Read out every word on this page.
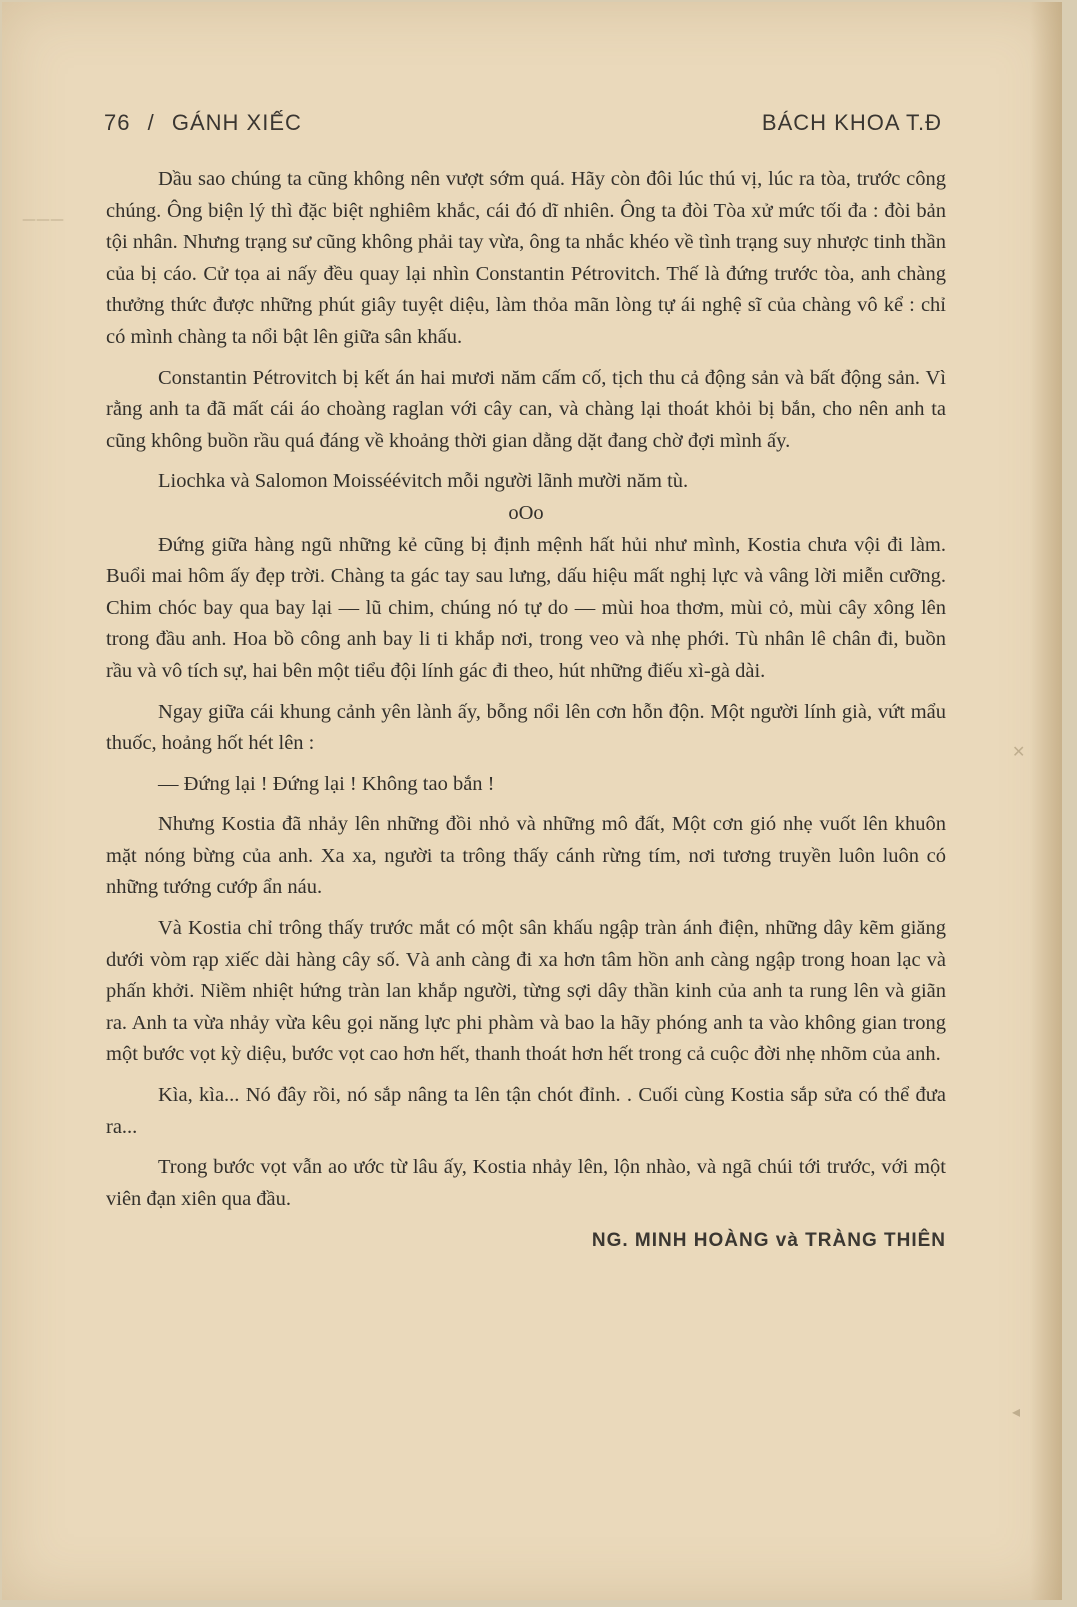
76 / GÁNH XIẾC	BÁCH KHOA T.Đ

Dầu sao chúng ta cũng không nên vượt sớm quá. Hãy còn đôi lúc thú vị, lúc ra tòa, trước công chúng. Ông biện lý thì đặc biệt nghiêm khắc, cái đó dĩ nhiên. Ông ta đòi Tòa xử mức tối đa : đòi bản tội nhân. Nhưng trạng sư cũng không phải tay vừa, ông ta nhắc khéo về tình trạng suy nhược tinh thần của bị cáo. Cử tọa ai nấy đều quay lại nhìn Constantin Pétrovitch. Thế là đứng trước tòa, anh chàng thưởng thức được những phút giây tuyệt diệu, làm thỏa mãn lòng tự ái nghệ sĩ của chàng vô kể : chỉ có mình chàng ta nổi bật lên giữa sân khấu.

Constantin Pétrovitch bị kết án hai mươi năm cấm cố, tịch thu cả động sản và bất động sản. Vì rằng anh ta đã mất cái áo choàng raglan với cây can, và chàng lại thoát khỏi bị bắn, cho nên anh ta cũng không buồn rầu quá đáng về khoảng thời gian dằng dặt đang chờ đợi mình ấy.

Liochka và Salomon Moisséévitch mỗi người lãnh mười năm tù.

oOo

Đứng giữa hàng ngũ những kẻ cũng bị định mệnh hất hủi như mình, Kostia chưa vội đi làm. Buổi mai hôm ấy đẹp trời. Chàng ta gác tay sau lưng, dấu hiệu mất nghị lực và vâng lời miễn cưỡng. Chim chóc bay qua bay lại — lũ chim, chúng nó tự do — mùi hoa thơm, mùi cỏ, mùi cây xông lên trong đầu anh. Hoa bồ công anh bay li ti khắp nơi, trong veo và nhẹ phới. Tù nhân lê chân đi, buồn rầu và vô tích sự, hai bên một tiểu đội lính gác đi theo, hút những điếu xì-gà dài.

Ngay giữa cái khung cảnh yên lành ấy, bỗng nổi lên cơn hỗn độn. Một người lính già, vứt mẩu thuốc, hoảng hốt hét lên :

— Đứng lại ! Đứng lại ! Không tao bắn !

Nhưng Kostia đã nhảy lên những đồi nhỏ và những mô đất, Một cơn gió nhẹ vuốt lên khuôn mặt nóng bừng của anh. Xa xa, người ta trông thấy cánh rừng tím, nơi tương truyền luôn luôn có những tướng cướp ẩn náu.

Và Kostia chỉ trông thấy trước mắt có một sân khấu ngập tràn ánh điện, những dây kẽm giăng dưới vòm rạp xiếc dài hàng cây số. Và anh càng đi xa hơn tâm hồn anh càng ngập trong hoan lạc và phấn khởi. Niềm nhiệt hứng tràn lan khắp người, từng sợi dây thần kinh của anh ta rung lên và giãn ra. Anh ta vừa nhảy vừa kêu gọi năng lực phi phàm và bao la hãy phóng anh ta vào không gian trong một bước vọt kỳ diệu, bước vọt cao hơn hết, thanh thoát hơn hết trong cả cuộc đời nhẹ nhõm của anh.

Kìa, kìa... Nó đây rồi, nó sắp nâng ta lên tận chót đỉnh. . Cuối cùng Kostia sắp sửa có thể đưa ra...

Trong bước vọt vẫn ao ước từ lâu ấy, Kostia nhảy lên, lộn nhào, và ngã chúi tới trước, với một viên đạn xiên qua đầu.

NG. MINH HOÀNG và TRÀNG THIÊN
———
✕
◂
